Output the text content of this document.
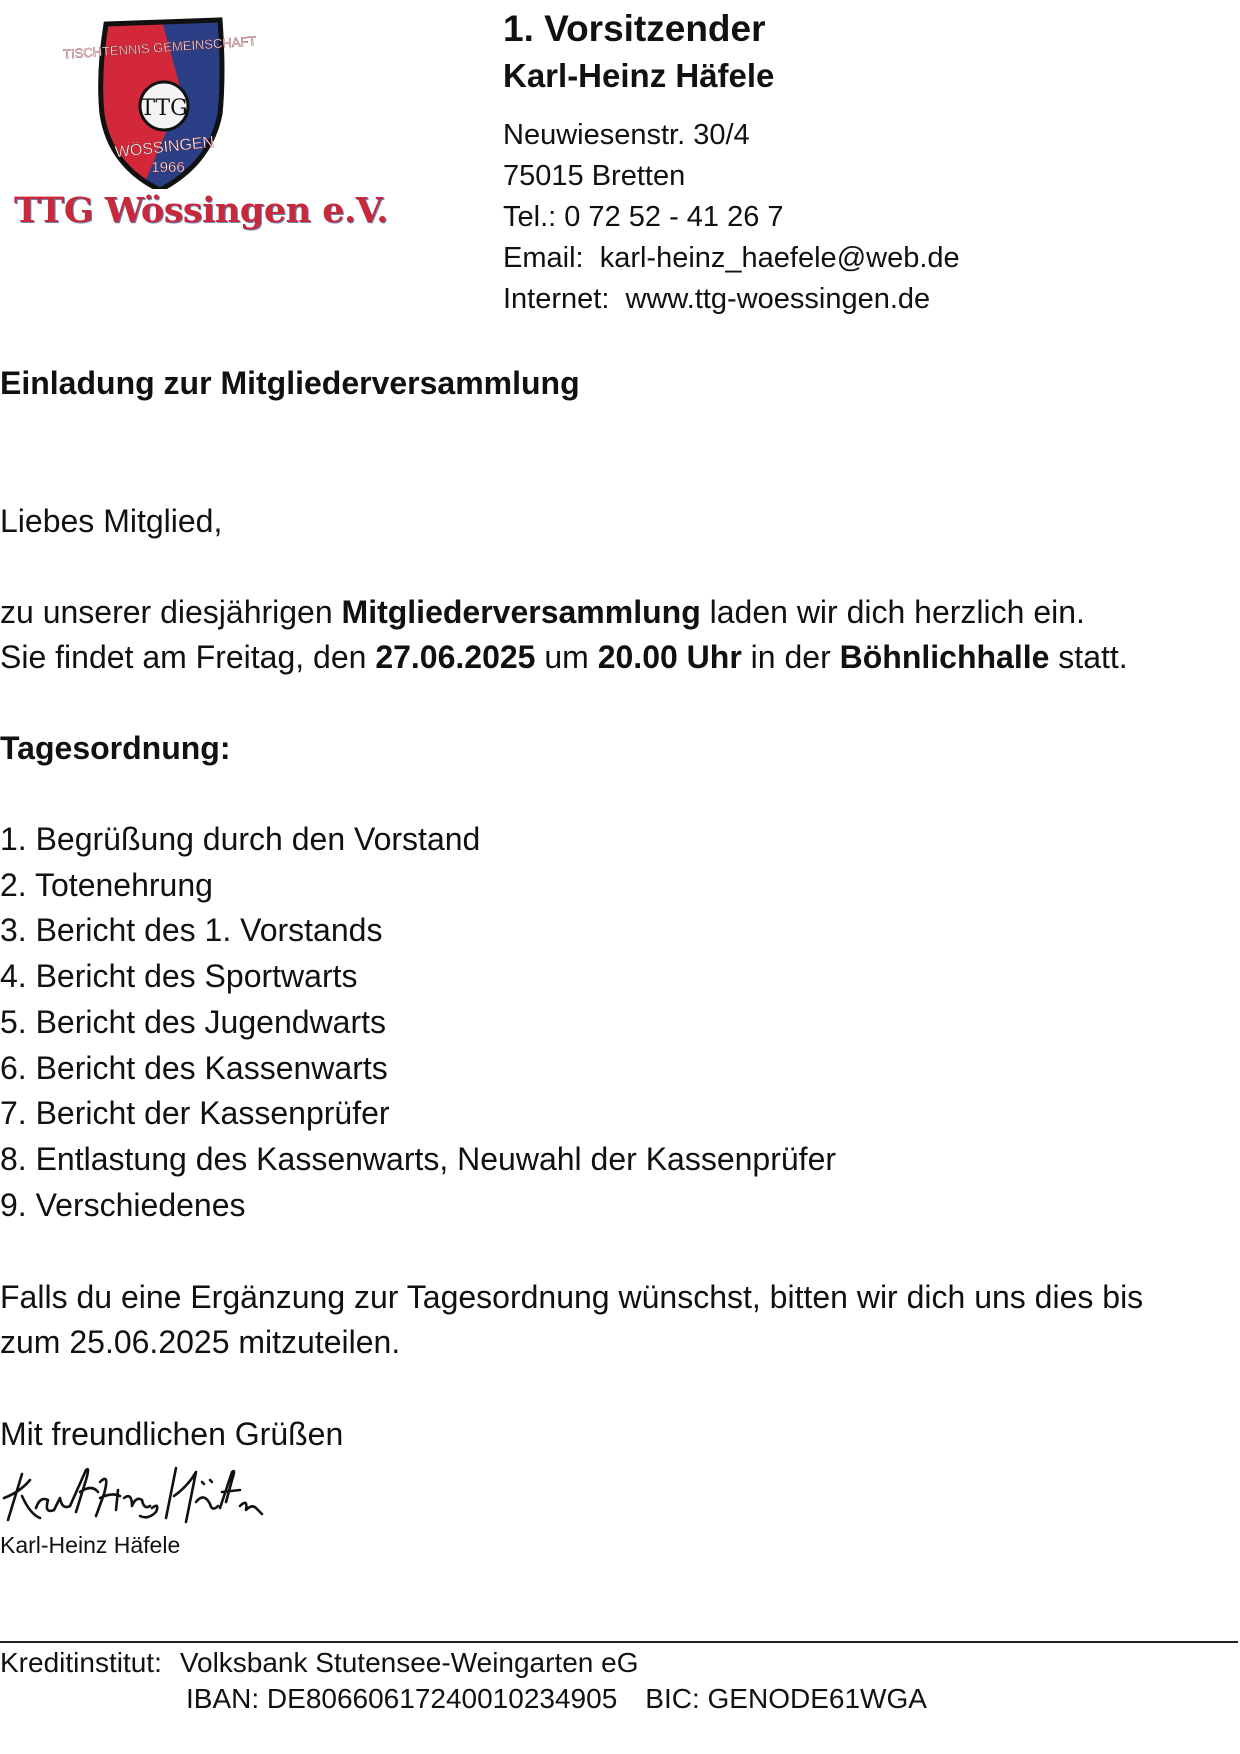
TTG
TISCHTENNIS GEMEINSCHAFT
WÖSSINGEN
1966
TTG Wössingen e.V.
1. Vorsitzender
Karl-Heinz Häfele
Neuwiesenstr. 30/4
75015 Bretten
Tel.: 0 72 52 - 41 26 7
Email: karl-heinz_haefele@web.de
Internet: www.ttg-woessingen.de
Einladung zur Mitgliederversammlung
Liebes Mitglied,
zu unserer diesjährigen Mitgliederversammlung laden wir dich herzlich ein.
Sie findet am Freitag, den 27.06.2025 um 20.00 Uhr in der Böhnlichhalle statt.
Tagesordnung:
1. Begrüßung durch den Vorstand
2. Totenehrung
3. Bericht des 1. Vorstands
4. Bericht des Sportwarts
5. Bericht des Jugendwarts
6. Bericht des Kassenwarts
7. Bericht der Kassenprüfer
8. Entlastung des Kassenwarts, Neuwahl der Kassenprüfer
9. Verschiedenes
Falls du eine Ergänzung zur Tagesordnung wünschst, bitten wir dich uns dies bis
zum 25.06.2025 mitzuteilen.
Mit freundlichen Grüßen
Karl-Heinz Häfele
Kreditinstitut: Volksbank Stutensee-Weingarten eG
IBAN: DE80660617240010234905 BIC: GENODE61WGA
